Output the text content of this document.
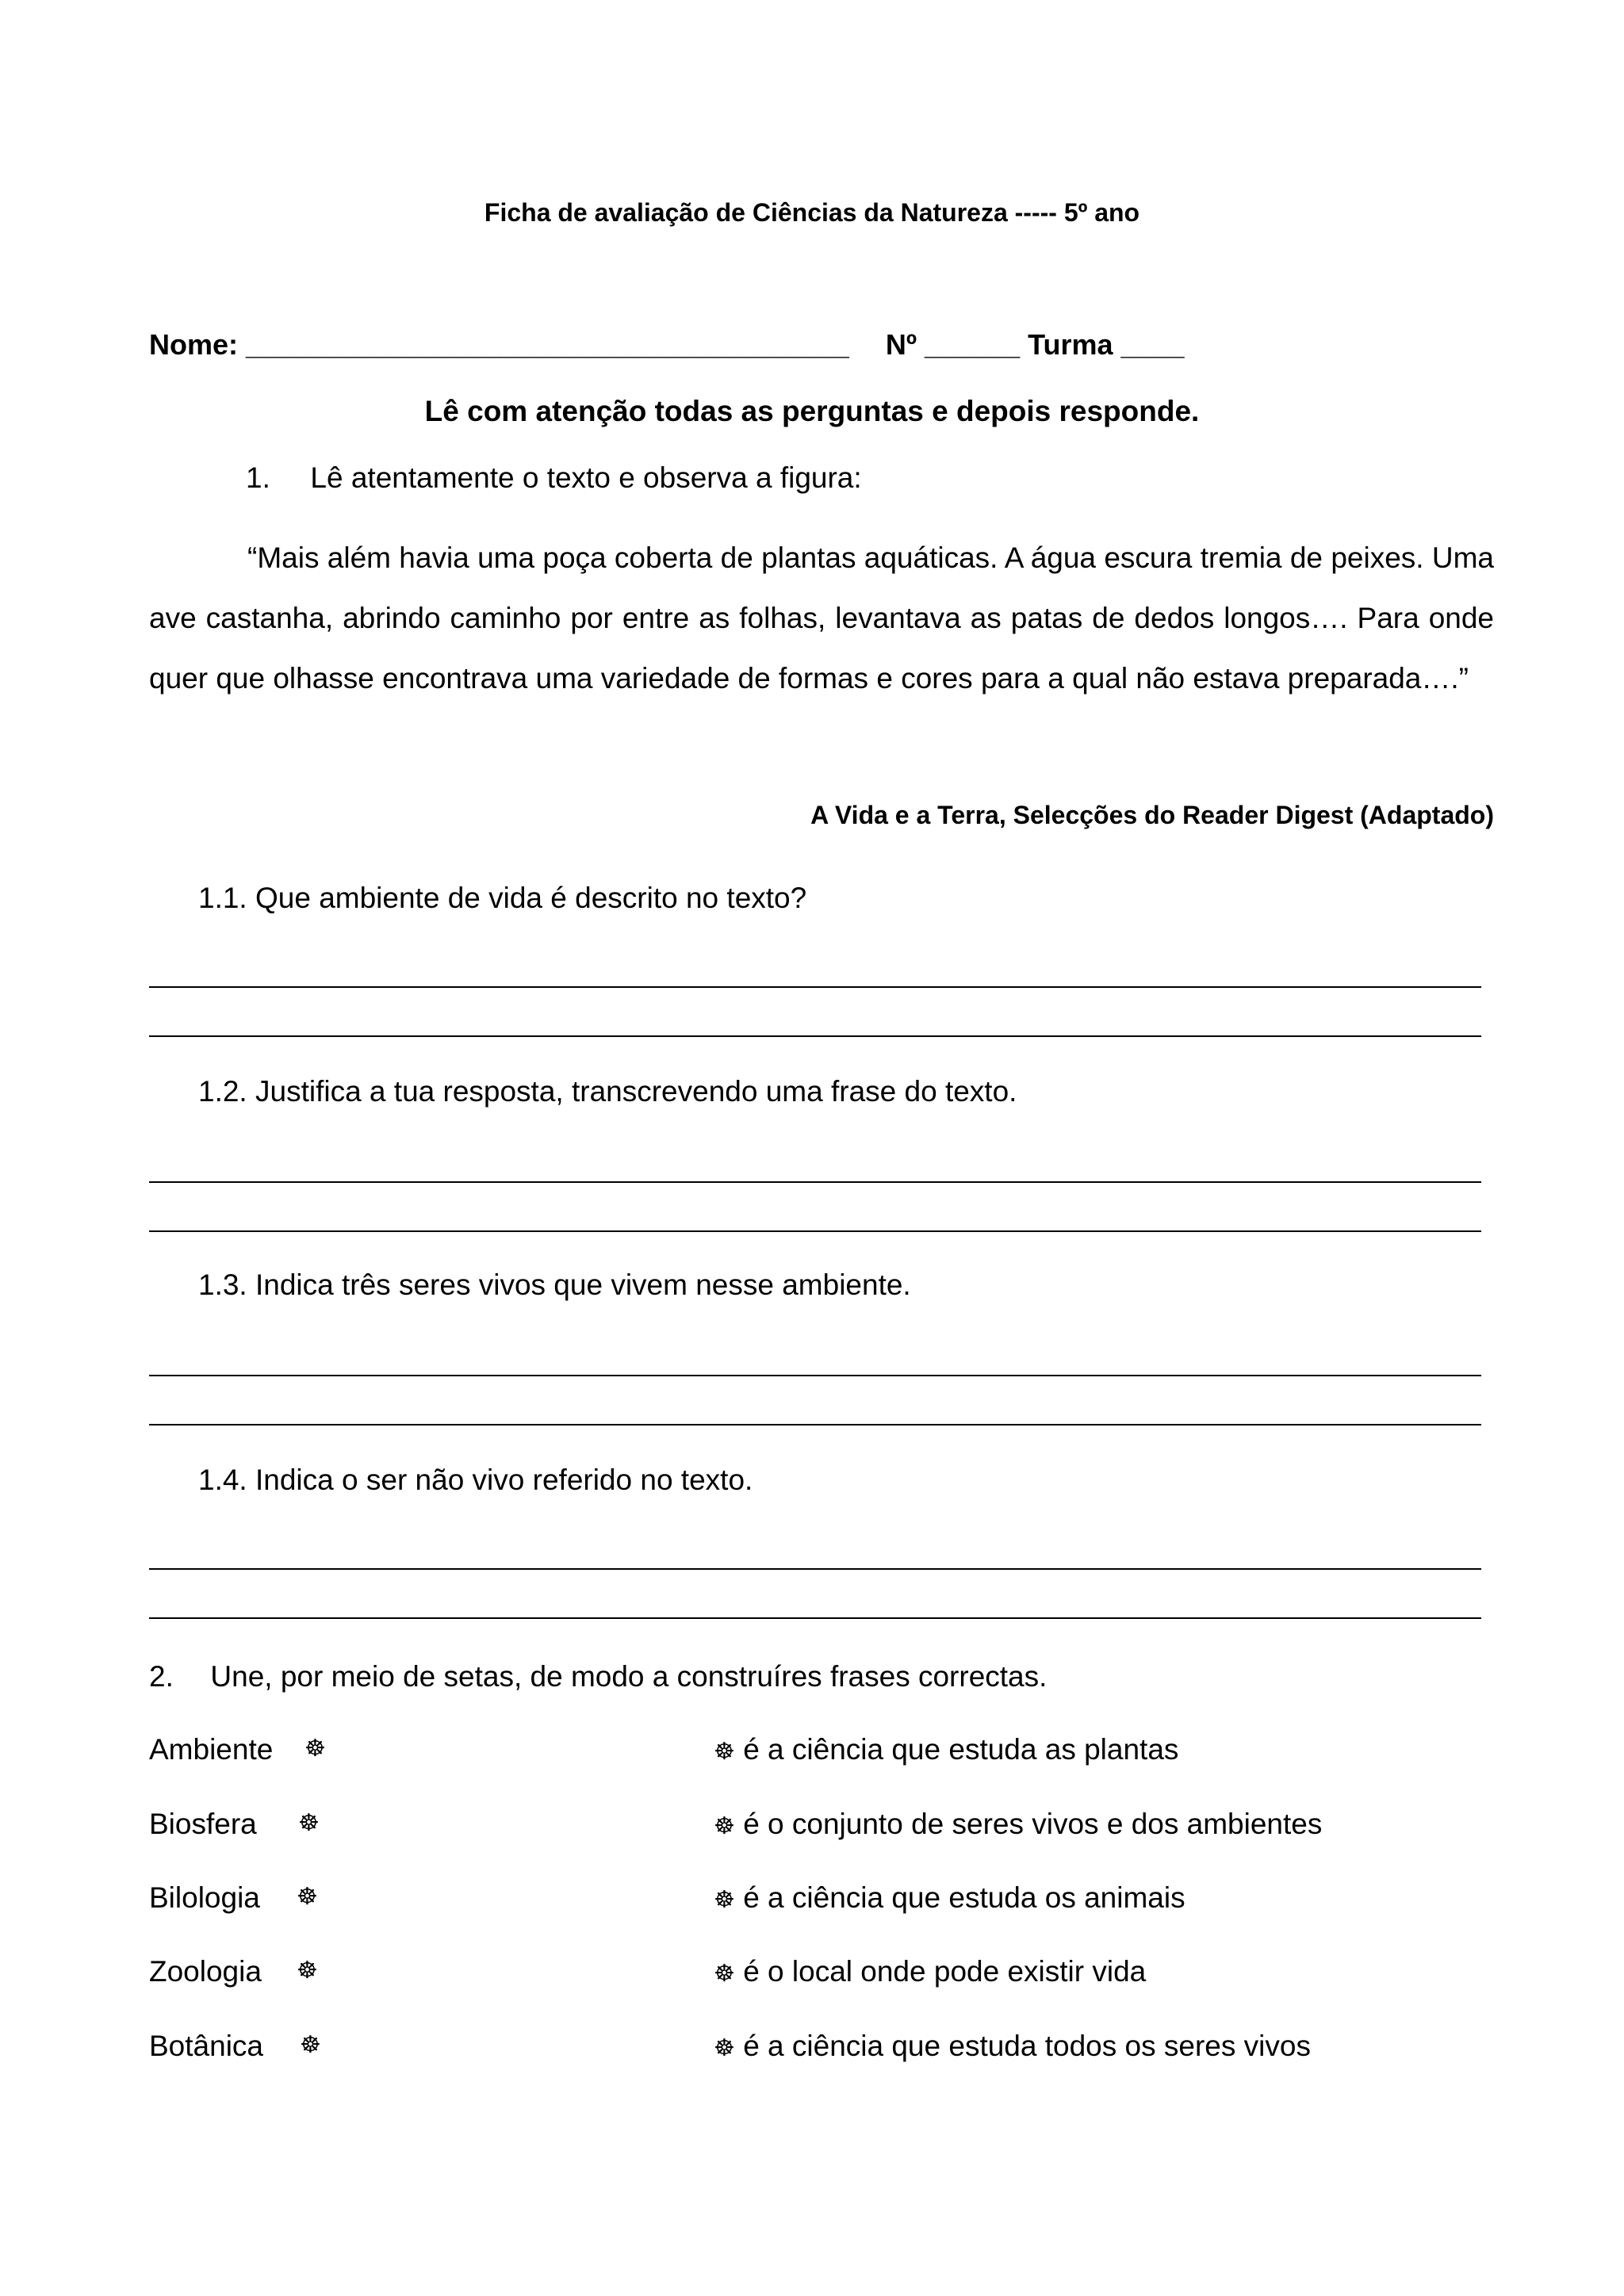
Ficha de avaliação de Ciências da Natureza ----- 5º ano
Nome: ______________________________________ Nº ______ Turma ____
Lê com atenção todas as perguntas e depois responde.
1. Lê atentamente o texto e observa a figura:

“Mais além havia uma poça coberta de plantas aquáticas. A água escura tremia de peixes. Uma ave castanha, abrindo caminho por entre as folhas, levantava as patas de dedos longos…. Para onde quer que olhasse encontrava uma variedade de formas e cores para a qual não estava preparada….”

A Vida e a Terra, Selecções do Reader Digest (Adaptado)
1.1. Que ambiente de vida é descrito no texto?
1.2. Justifica a tua resposta, transcrevendo uma frase do texto.
1.3. Indica três seres vivos que vivem nesse ambiente.
1.4. Indica o ser não vivo referido no texto.
2. Une, por meio de setas, de modo a construíres frases correctas.
Ambiente ☸
Biosfera ☸
Bilologia ☸
Zoologia ☸
Botânica ☸
☸ é a ciência que estuda as plantas
☸ é o conjunto de seres vivos e dos ambientes
☸ é a ciência que estuda os animais
☸ é o local onde pode existir vida
☸ é a ciência que estuda todos os seres vivos
